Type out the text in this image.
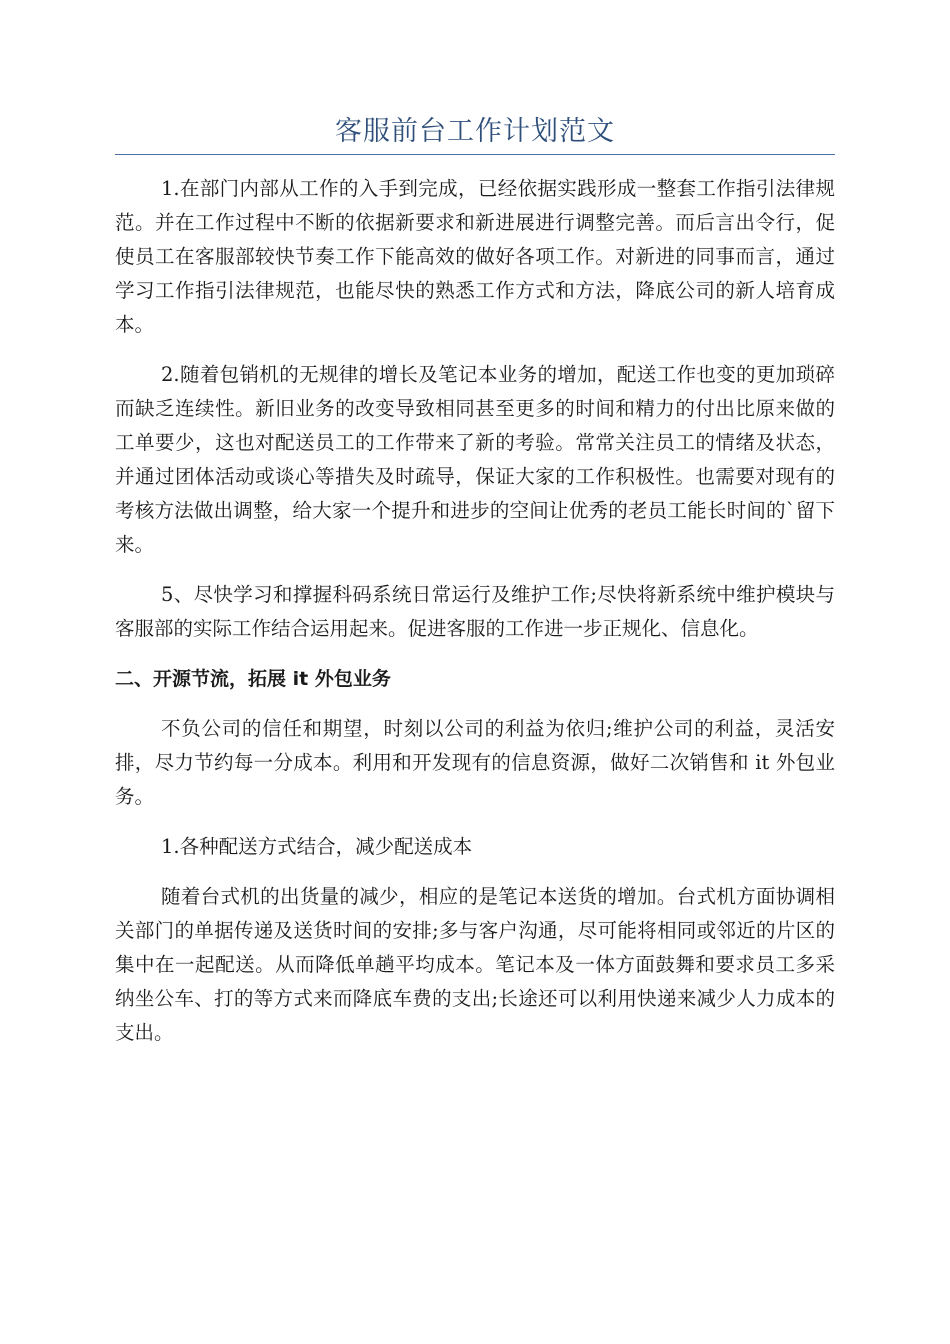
客服前台工作计划范文

1.在部门内部从工作的入手到完成，已经依据实践形成一整套工作指引法律规范。并在工作过程中不断的依据新要求和新进展进行调整完善。而后言出令行，促使员工在客服部较快节奏工作下能高效的做好各项工作。对新进的同事而言，通过学习工作指引法律规范，也能尽快的熟悉工作方式和方法，降底公司的新人培育成本。

2.随着包销机的无规律的增长及笔记本业务的增加，配送工作也变的更加琐碎而缺乏连续性。新旧业务的改变导致相同甚至更多的时间和精力的付出比原来做的工单要少，这也对配送员工的工作带来了新的考验。常常关注员工的情绪及状态，并通过团体活动或谈心等措失及时疏导，保证大家的工作积极性。也需要对现有的考核方法做出调整，给大家一个提升和进步的空间让优秀的老员工能长时间的`留下来。

5、尽快学习和撑握科码系统日常运行及维护工作;尽快将新系统中维护模块与客服部的实际工作结合运用起来。促进客服的工作进一步正规化、信息化。

二、开源节流，拓展 it 外包业务

不负公司的信任和期望，时刻以公司的利益为依归;维护公司的利益，灵活安排，尽力节约每一分成本。利用和开发现有的信息资源，做好二次销售和 it 外包业务。

1.各种配送方式结合，减少配送成本

随着台式机的出货量的减少，相应的是笔记本送货的增加。台式机方面协调相关部门的单据传递及送货时间的安排;多与客户沟通，尽可能将相同或邻近的片区的集中在一起配送。从而降低单趟平均成本。笔记本及一体方面鼓舞和要求员工多采纳坐公车、打的等方式来而降底车费的支出;长途还可以利用快递来减少人力成本的支出。
